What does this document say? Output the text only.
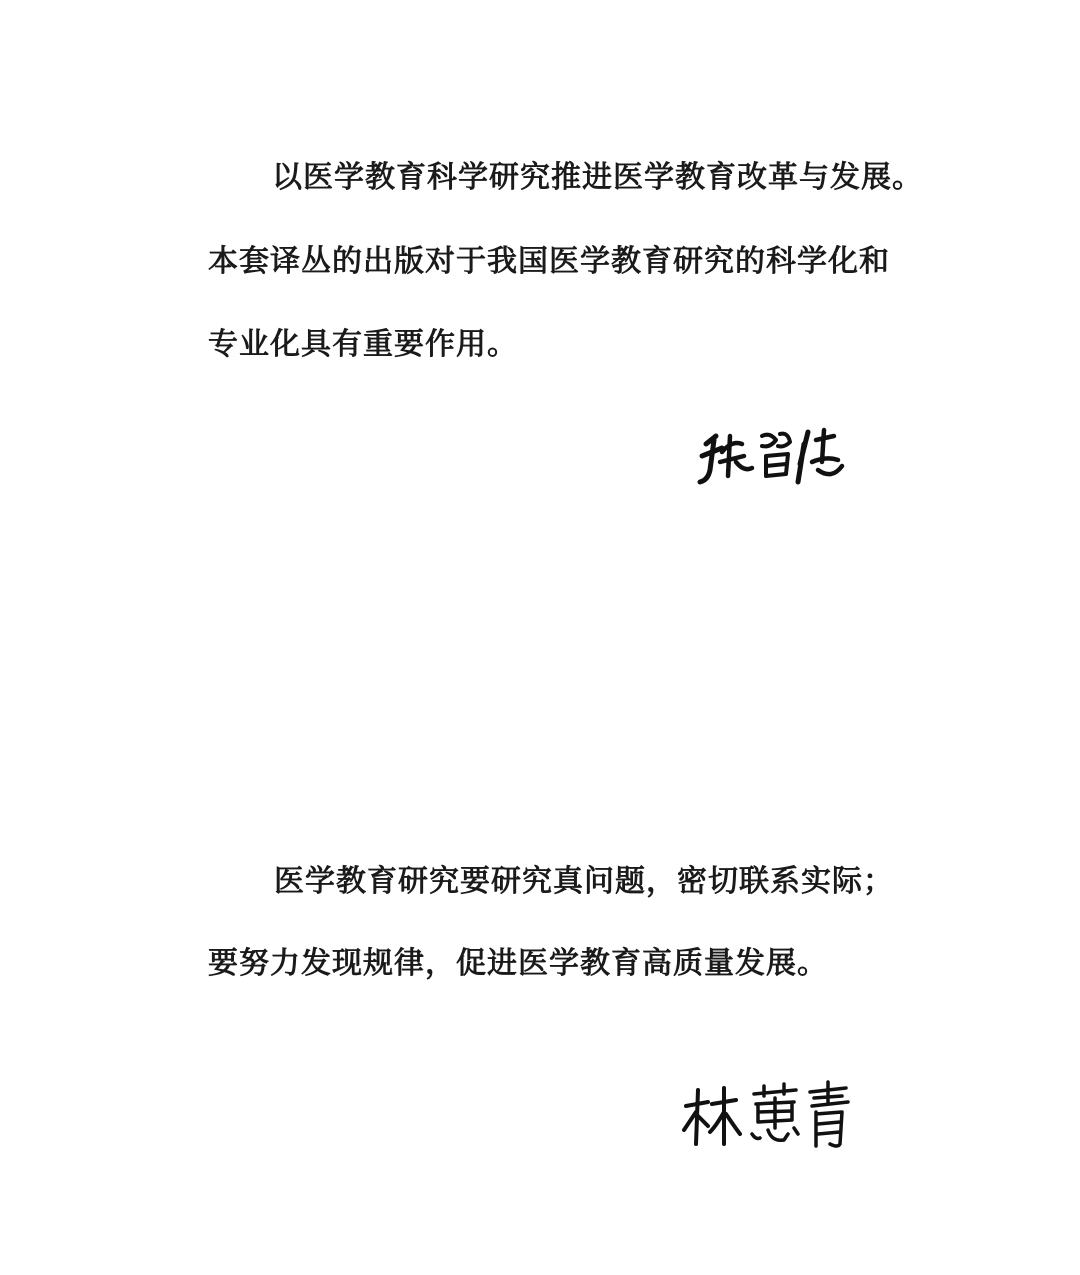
以医学教育科学研究推进医学教育改革与发展。
本套译丛的出版对于我国医学教育研究的科学化和
专业化具有重要作用。
医学教育研究要研究真问题，密切联系实际；
要努力发现规律，促进医学教育高质量发展。
